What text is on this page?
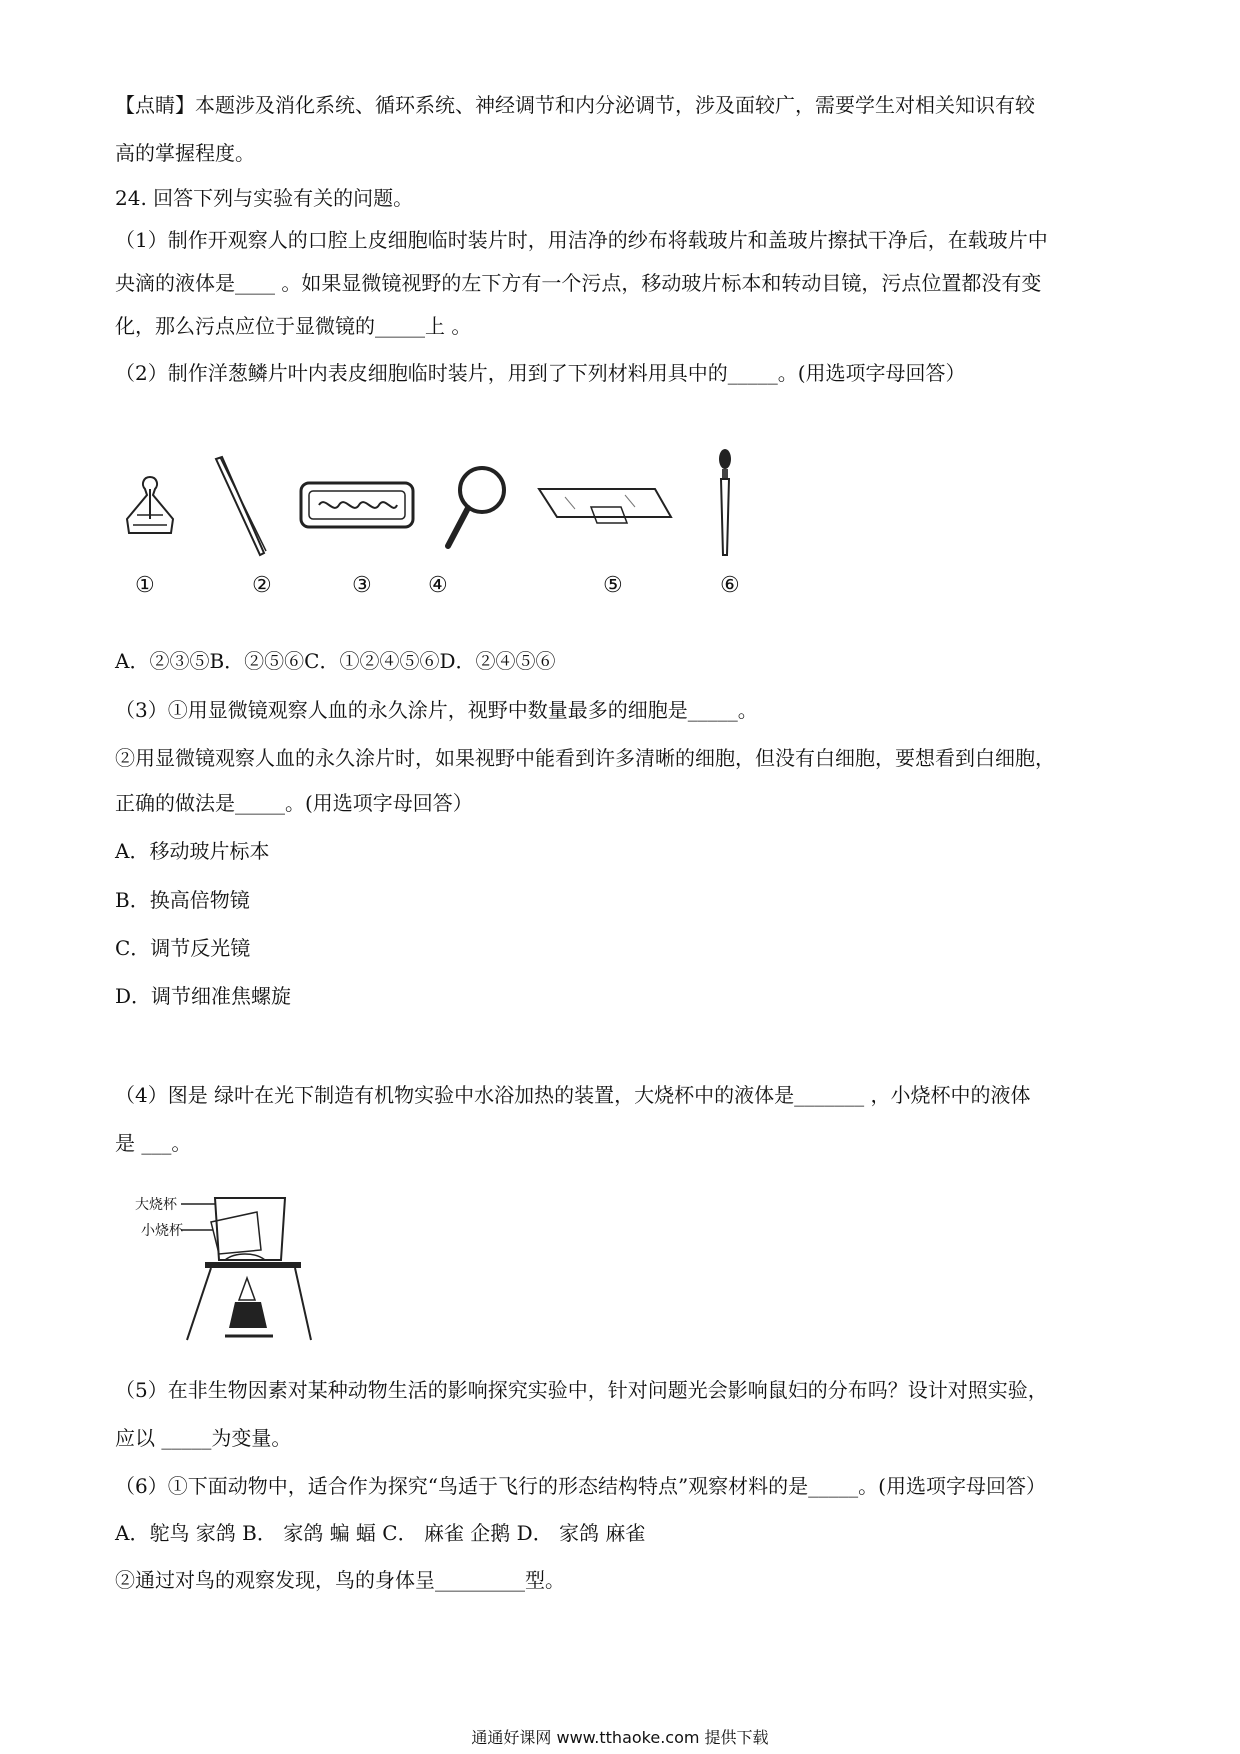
【点睛】本题涉及消化系统、循环系统、神经调节和内分泌调节，涉及面较广，需要学生对相关知识有较
高的掌握程度。
24. 回答下列与实验有关的问题。
（1）制作开观察人的口腔上皮细胞临时装片时，用洁净的纱布将载玻片和盖玻片擦拭干净后，在载玻片中
央滴的液体是____ 。如果显微镜视野的左下方有一个污点，移动玻片标本和转动目镜，污点位置都没有变
化，那么污点应位于显微镜的_____上 。
（2）制作洋葱鳞片叶内表皮细胞临时装片，用到了下列材料用具中的_____。(用选项字母回答）
①	②	③	④	⑤	⑥
A．②③⑤B．②⑤⑥C．①②④⑤⑥D．②④⑤⑥
（3）①用显微镜观察人血的永久涂片，视野中数量最多的细胞是_____。
②用显微镜观察人血的永久涂片时，如果视野中能看到许多清晰的细胞，但没有白细胞，要想看到白细胞，
正确的做法是_____。(用选项字母回答）
A．移动玻片标本
B．换高倍物镜
C．调节反光镜
D．调节细准焦螺旋
（4）图是 绿叶在光下制造有机物实验中水浴加热的装置，大烧杯中的液体是_______ ，小烧杯中的液体
是 ___。
大烧杯
小烧杯
（5）在非生物因素对某种动物生活的影响探究实验中，针对问题光会影响鼠妇的分布吗？设计对照实验，
应以 _____为变量。
（6）①下面动物中，适合作为探究“鸟适于飞行的形态结构特点”观察材料的是_____。(用选项字母回答）
A．鸵鸟 家鸽 B． 家鸽 蝙 蝠 C． 麻雀 企鹅 D． 家鸽 麻雀
②通过对鸟的观察发现，鸟的身体呈_________型。
通通好课网 www.tthaoke.com 提供下载
